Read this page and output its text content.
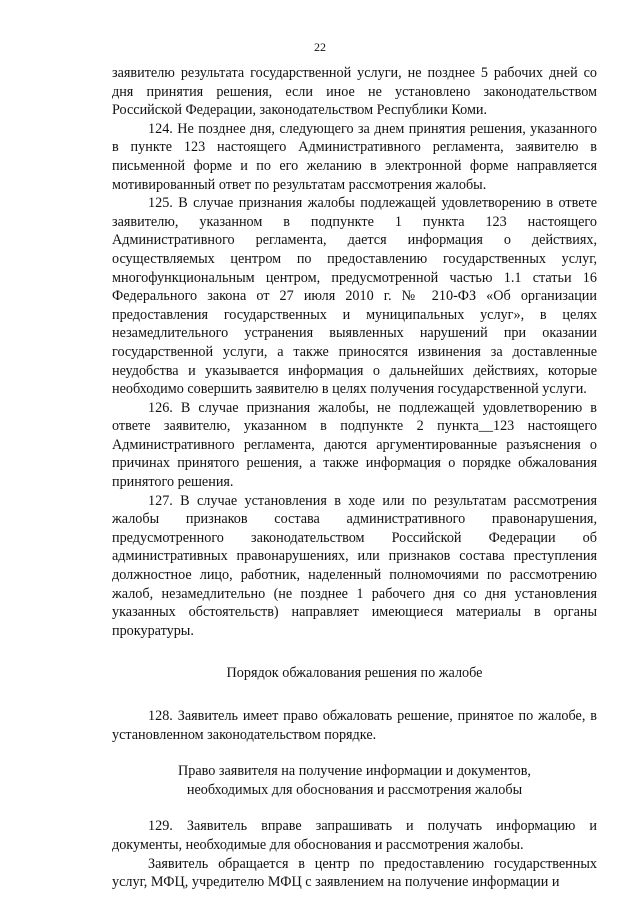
22

заявителю результата государственной услуги, не позднее 5 рабочих дней со дня принятия решения, если иное не установлено законодательством Российской Федерации, законодательством Республики Коми.

124. Не позднее дня, следующего за днем принятия решения, указанного в пункте 123 настоящего Административного регламента, заявителю в письменной форме и по его желанию в электронной форме направляется мотивированный ответ по результатам рассмотрения жалобы.

125. В случае признания жалобы подлежащей удовлетворению в ответе заявителю, указанном в подпункте 1 пункта 123 настоящего Административного регламента, дается информация о действиях, осуществляемых центром по предоставлению государственных услуг, многофункциональным центром, предусмотренной частью 1.1 статьи 16 Федерального закона от 27 июля 2010 г. № 210-ФЗ «Об организации предоставления государственных и муниципальных услуг», в целях незамедлительного устранения выявленных нарушений при оказании государственной услуги, а также приносятся извинения за доставленные неудобства и указывается информация о дальнейших действиях, которые необходимо совершить заявителю в целях получения государственной услуги.

126. В случае признания жалобы, не подлежащей удовлетворению в ответе заявителю, указанном в подпункте 2 пункта__123 настоящего Административного регламента, даются аргументированные разъяснения о причинах принятого решения, а также информация о порядке обжалования принятого решения.

127. В случае установления в ходе или по результатам рассмотрения жалобы признаков состава административного правонарушения, предусмотренного законодательством Российской Федерации об административных правонарушениях, или признаков состава преступления должностное лицо, работник, наделенный полномочиями по рассмотрению жалоб, незамедлительно (не позднее 1 рабочего дня со дня установления указанных обстоятельств) направляет имеющиеся материалы в органы прокуратуры.

Порядок обжалования решения по жалобе

128. Заявитель имеет право обжаловать решение, принятое по жалобе, в установленном законодательством порядке.

Право заявителя на получение информации и документов,

необходимых для обоснования и рассмотрения жалобы

129. Заявитель вправе запрашивать и получать информацию и документы, необходимые для обоснования и рассмотрения жалобы.

Заявитель обращается в центр по предоставлению государственных услуг, МФЦ, учредителю МФЦ с заявлением на получение информации и
